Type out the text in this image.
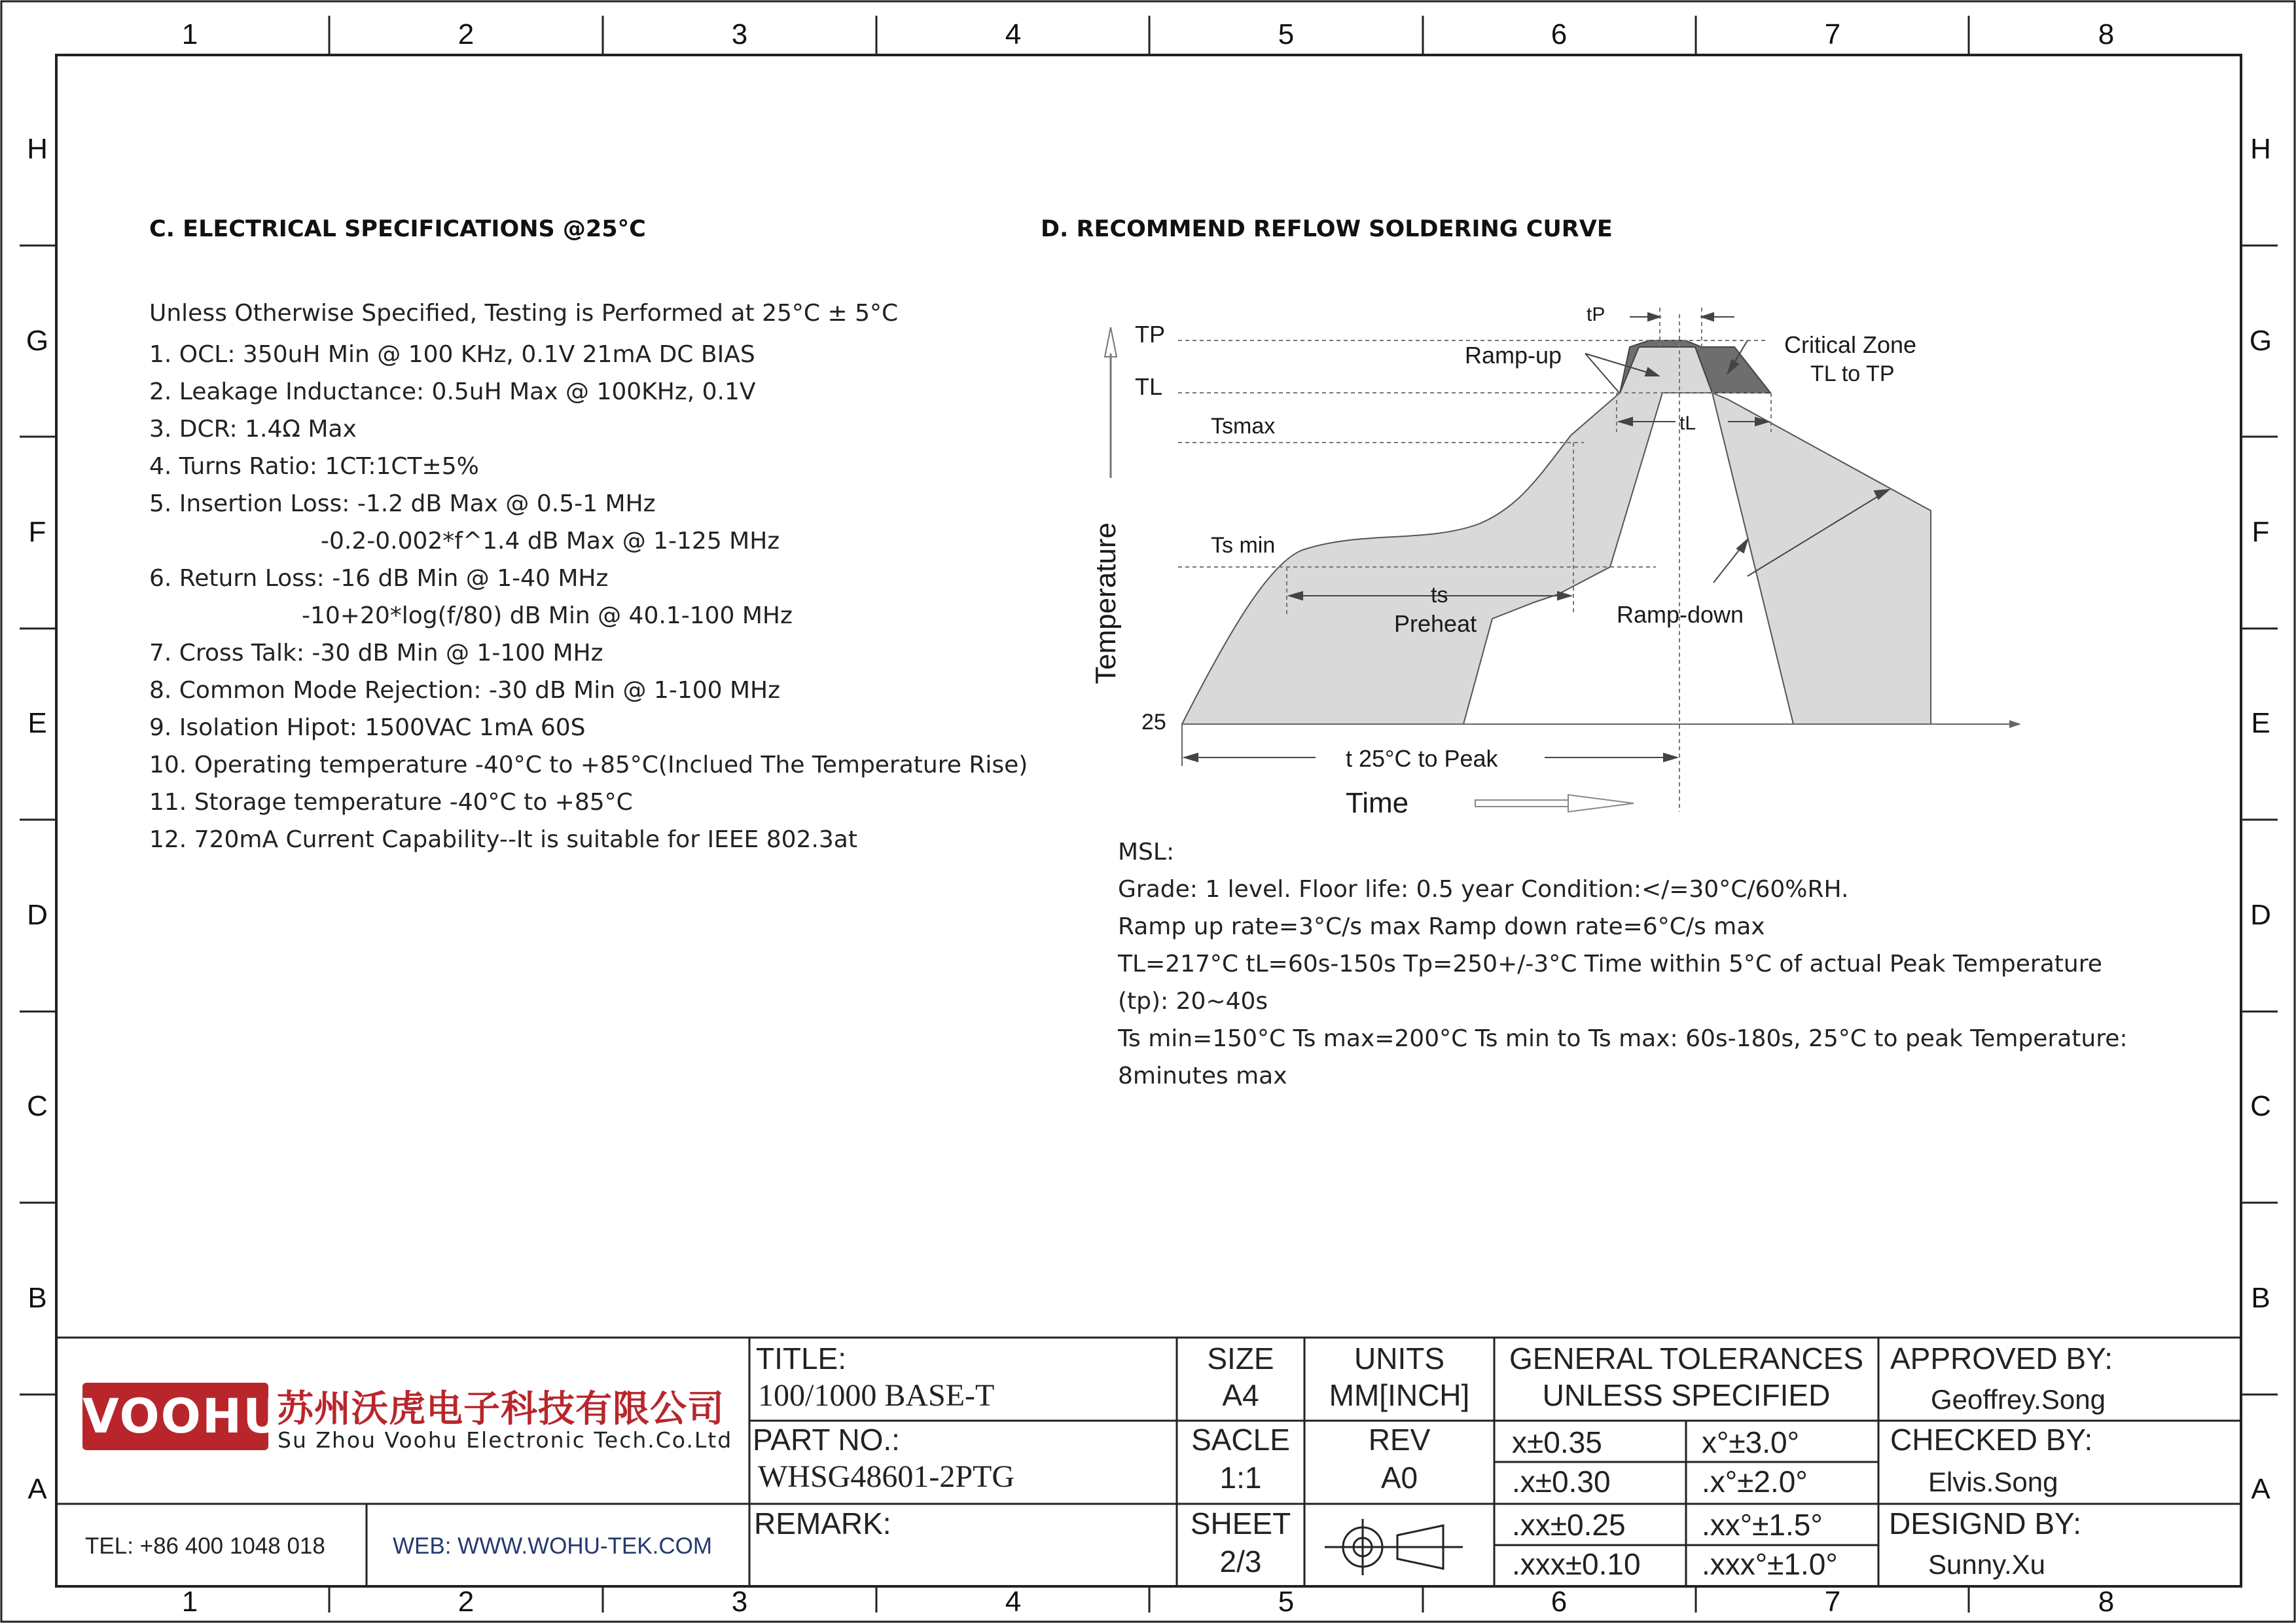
1	2	3	4	5	6	7	8
1	2	3	4	5	6	7	8
H
G
F
E
D
C
B
A
H
G
F
E
D
C
B
A
C. ELECTRICAL SPECIFICATIONS @25°C
Unless Otherwise Specified, Testing is Performed at 25°C ± 5°C
1. OCL: 350uH Min @ 100 KHz, 0.1V 21mA DC BIAS
2. Leakage Inductance: 0.5uH Max @ 100KHz, 0.1V
3. DCR: 1.4Ω Max
4. Turns Ratio: 1CT:1CT±5%
5. Insertion Loss: -1.2 dB Max @ 0.5-1 MHz
-0.2-0.002*f^1.4 dB Max @ 1-125 MHz
6. Return Loss: -16 dB Min @ 1-40 MHz
-10+20*log(f/80) dB Min @ 40.1-100 MHz
7. Cross Talk: -30 dB Min @ 1-100 MHz
8. Common Mode Rejection: -30 dB Min @ 1-100 MHz
9. Isolation Hipot: 1500VAC 1mA 60S
10. Operating temperature -40°C to +85°C(Inclued The Temperature Rise)
11. Storage temperature -40°C to +85°C
12. 720mA Current Capability--It is suitable for IEEE 802.3at
D. RECOMMEND REFLOW SOLDERING CURVE
TP
TL
Tsmax
Ts min
25
tP
tL
ts
Preheat
Ramp-up
Ramp-down
Critical Zone
TL to TP
t 25°C to Peak
Time
Temperature
MSL:
Grade: 1 level. Floor life: 0.5 year Condition:</=30°C/60%RH.
Ramp up rate=3°C/s max Ramp down rate=6°C/s max
TL=217°C tL=60s-150s Tp=250+/-3°C Time within 5°C of actual Peak Temperature
(tp): 20~40s
Ts min=150°C Ts max=200°C Ts min to Ts max: 60s-180s, 25°C to peak Temperature:
8minutes max
VOOHU
苏州沃虎电子科技有限公司
Su Zhou Voohu Electronic Tech.Co.Ltd
TEL: +86 400 1048 018	WEB: WWW.WOHU-TEK.COM
TITLE:
100/1000 BASE-T
PART NO.:
WHSG48601-2PTG
REMARK:
SIZE
A4
UNITS
MM[INCH]
SACLE
1:1
REV
A0
SHEET
2/3
GENERAL TOLERANCES
UNLESS SPECIFIED
x±0.35	x°±3.0°
.x±0.30	.x°±2.0°
.xx±0.25	.xx°±1.5°
.xxx±0.10 .xxx°±1.0°
APPROVED BY:
Geoffrey.Song
CHECKED BY:
Elvis.Song
DESIGND BY:
Sunny.Xu
